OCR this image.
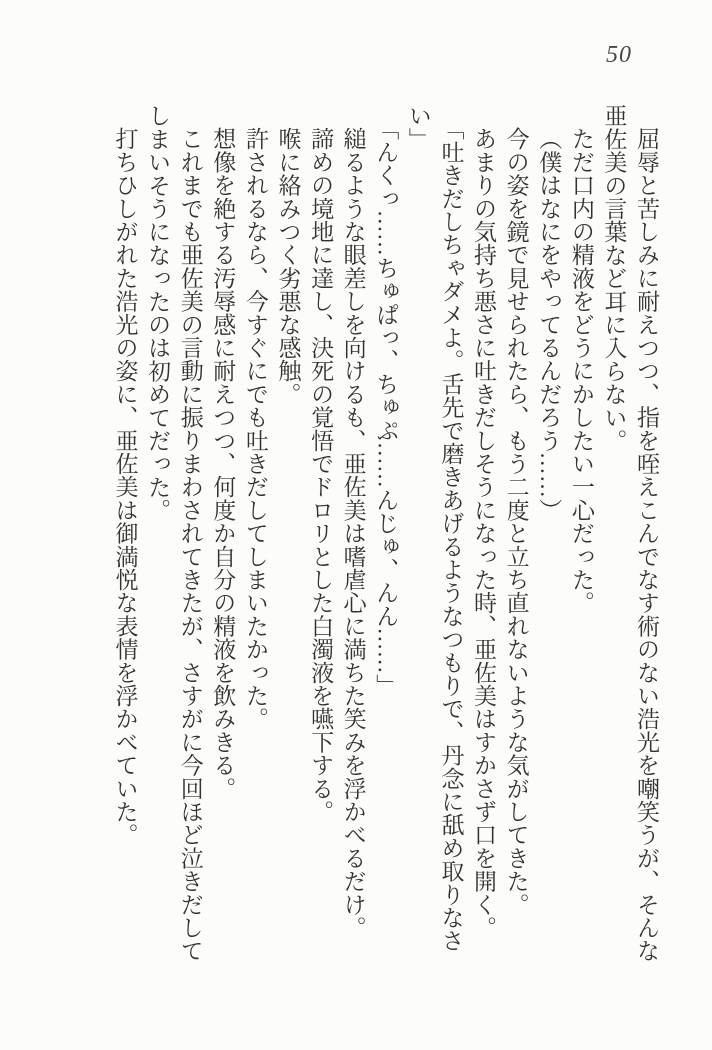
50

屈辱と苦しみに耐えつつ、指を咥えこんでなす術のない浩光を嘲笑うが、そんな亜佐美の言葉など耳に入らない。

ただ口内の精液をどうにかしたい一心だった。

（僕はなにをやってるんだろう……）

今の姿を鏡で見せられたら、もう二度と立ち直れないような気がしてきた。

あまりの気持ち悪さに吐きだしそうになった時、亜佐美はすかさず口を開く。

「吐きだしちゃダメよ。舌先で磨きあげるようなつもりで、丹念に舐め取りなさい」

「んくっ……ちゅぱっ、ちゅぷ……んじゅ、んん……」

縋るような眼差しを向けるも、亜佐美は嗜虐心に満ちた笑みを浮かべるだけ。

諦めの境地に達し、決死の覚悟でドロリとした白濁液を嚥下する。

喉に絡みつく劣悪な感触。

許されるなら、今すぐにでも吐きだしてしまいたかった。

想像を絶する汚辱感に耐えつつ、何度か自分の精液を飲みきる。

これまでも亜佐美の言動に振りまわされてきたが、さすがに今回ほど泣きだしてしまいそうになったのは初めてだった。

打ちひしがれた浩光の姿に、亜佐美は御満悦な表情を浮かべていた。
